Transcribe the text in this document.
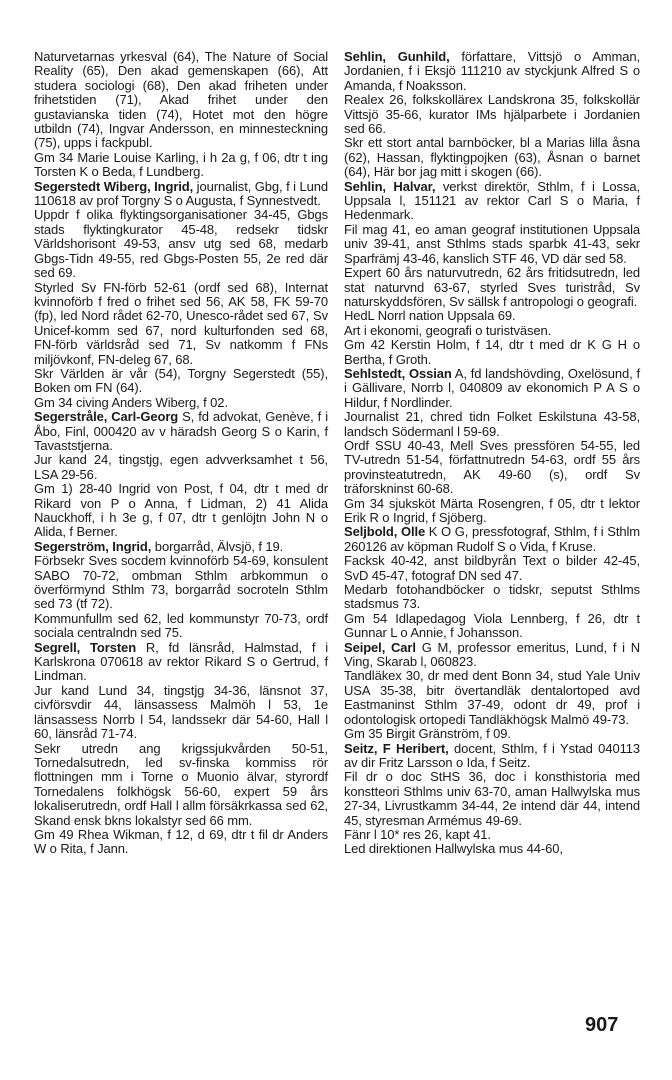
Naturvetarnas yrkesval (64), The Nature of Social Reality (65), Den akad gemenskapen (66), Att studera sociologi (68), Den akad friheten under frihetstiden (71), Akad frihet under den gustavianska tiden (74), Hotet mot den högre utbildn (74), Ingvar Andersson, en minnesteckning (75), upps i fackpubl.

Gm 34 Marie Louise Karling, i h 2a g, f 06, dtr t ing Torsten K o Beda, f Lundberg.

Segerstedt Wiberg, Ingrid, journalist, Gbg, f i Lund 110618 av prof Torgny S o Augusta, f Synnestvedt.

Uppdr f olika flyktingsorganisationer 34-45, Gbgs stads flyktingkurator 45-48, redsekr tidskr Världshorisont 49-53, ansv utg sed 68, medarb Gbgs-Tidn 49-55, red Gbgs-Posten 55, 2e red där sed 69.

Styrled Sv FN-förb 52-61 (ordf sed 68), Internat kvinnoförb f fred o frihet sed 56, AK 58, FK 59-70 (fp), led Nord rådet 62-70, Unesco-rådet sed 67, Sv Unicef-komm sed 67, nord kulturfonden sed 68, FN-förb världsråd sed 71, Sv natkomm f FNs miljövkonf, FN-deleg 67, 68.

Skr Världen är vår (54), Torgny Segerstedt (55), Boken om FN (64).

Gm 34 civing Anders Wiberg, f 02.

Segerstråle, Carl-Georg S, fd advokat, Genève, f i Åbo, Finl, 000420 av v häradsh Georg S o Karin, f Tavaststjerna.

Jur kand 24, tingstjg, egen advverksamhet t 56, LSA 29-56.

Gm 1) 28-40 Ingrid von Post, f 04, dtr t med dr Rikard von P o Anna, f Lidman, 2) 41 Alida Nauckhoff, i h 3e g, f 07, dtr t genlöjtn John N o Alida, f Berner.

Segerström, Ingrid, borgarråd, Älvsjö, f 19.

Förbsekr Sves socdem kvinnoförb 54-69, konsulent SABO 70-72, ombman Sthlm arbkommun o överförmynd Sthlm 73, borgarråd socroteln Sthlm sed 73 (tf 72).

Kommunfullm sed 62, led kommunstyr 70-73, ordf sociala centralndn sed 75.

Segrell, Torsten R, fd länsråd, Halmstad, f i Karlskrona 070618 av rektor Rikard S o Gertrud, f Lindman.

Jur kand Lund 34, tingstjg 34-36, länsnot 37, civförsvdir 44, länsassess Malmöh l 53, 1e länsassess Norrb l 54, landssekr där 54-60, Hall l 60, länsråd 71-74.

Sekr utredn ang krigssjukvården 50-51, Tornedalsutredn, led sv-finska kommiss rör flottningen mm i Torne o Muonio älvar, styrordf Tornedalens folkhögsk 56-60, expert 59 års lokaliserutredn, ordf Hall l allm försäkrkassa sed 62, Skand ensk bkns lokalstyr sed 66 mm.

Gm 49 Rhea Wikman, f 12, d 69, dtr t fil dr Anders W o Rita, f Jann.

Sehlin, Gunhild, författare, Vittsjö o Amman, Jordanien, f i Eksjö 111210 av styckjunk Alfred S o Amanda, f Noaksson.

Realex 26, folkskollärex Landskrona 35, folkskollär Vittsjö 35-66, kurator IMs hjälparbete i Jordanien sed 66.

Skr ett stort antal barnböcker, bl a Marias lilla åsna (62), Hassan, flyktingpojken (63), Åsnan o barnet (64), Här bor jag mitt i skogen (66).

Sehlin, Halvar, verkst direktör, Sthlm, f i Lossa, Uppsala l, 151121 av rektor Carl S o Maria, f Hedenmark.

Fil mag 41, eo aman geograf institutionen Uppsala univ 39-41, anst Sthlms stads sparbk 41-43, sekr Sparfrämj 43-46, kanslich STF 46, VD där sed 58.

Expert 60 års naturvutredn, 62 års fritidsutredn, led stat naturvnd 63-67, styrled Sves turistråd, Sv naturskyddsfören, Sv sällsk f antropologi o geografi.

HedL Norrl nation Uppsala 69.

Art i ekonomi, geografi o turistväsen.

Gm 42 Kerstin Holm, f 14, dtr t med dr K G H o Bertha, f Groth.

Sehlstedt, Ossian A, fd landshövding, Oxelösund, f i Gällivare, Norrb l, 040809 av ekonomich P A S o Hildur, f Nordlinder.

Journalist 21, chred tidn Folket Eskilstuna 43-58, landsch Södermanl l 59-69.

Ordf SSU 40-43, Mell Sves pressfören 54-55, led TV-utredn 51-54, författnutredn 54-63, ordf 55 års provinsteatutredn, AK 49-60 (s), ordf Sv träforskninst 60-68.

Gm 34 sjuksköt Märta Rosengren, f 05, dtr t lektor Erik R o Ingrid, f Sjöberg.

Seljbold, Olle K O G, pressfotograf, Sthlm, f i Sthlm 260126 av köpman Rudolf S o Vida, f Kruse.

Facksk 40-42, anst bildbyrån Text o bilder 42-45, SvD 45-47, fotograf DN sed 47.

Medarb fotohandböcker o tidskr, seputst Sthlms stadsmus 73.

Gm 54 Idlapedagog Viola Lennberg, f 26, dtr t Gunnar L o Annie, f Johansson.

Seipel, Carl G M, professor emeritus, Lund, f i N Ving, Skarab l, 060823.

Tandläkex 30, dr med dent Bonn 34, stud Yale Univ USA 35-38, bitr övertandläk dentalortoped avd Eastmaninst Sthlm 37-49, odont dr 49, prof i odontologisk ortopedi Tandläkhögsk Malmö 49-73.

Gm 35 Birgit Gränström, f 09.

Seitz, F Heribert, docent, Sthlm, f i Ystad 040113 av dir Fritz Larsson o Ida, f Seitz.

Fil dr o doc StHS 36, doc i konsthistoria med konstteori Sthlms univ 63-70, aman Hallwylska mus 27-34, Livrustkamm 34-44, 2e intend där 44, intend 45, styresman Armémus 49-69.

Fänr l 10* res 26, kapt 41.

Led direktionen Hallwylska mus 44-60,

907
